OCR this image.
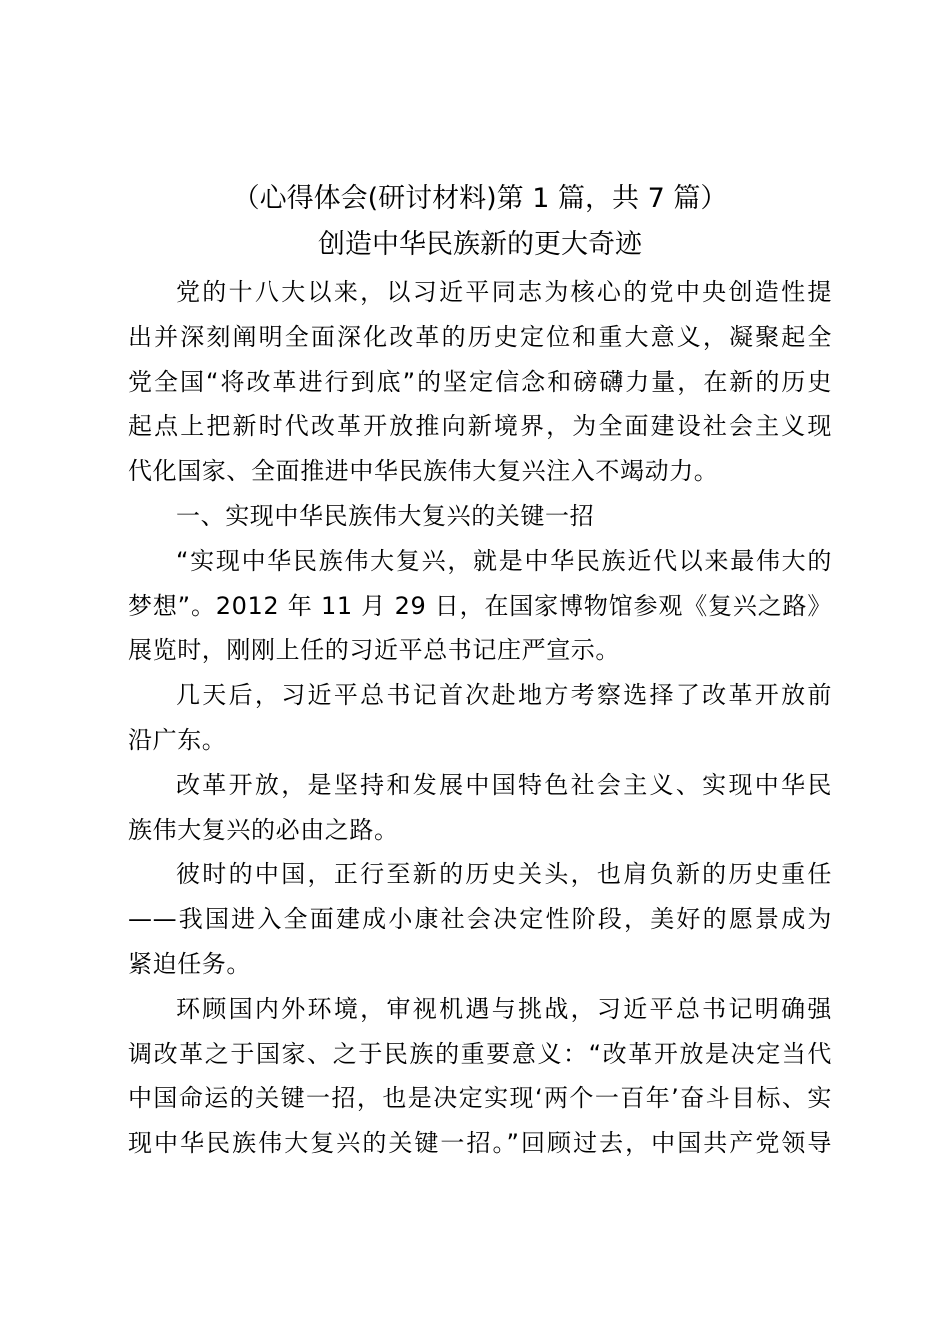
（心得体会(研讨材料)第 1 篇，共 7 篇）
创造中华民族新的更大奇迹

党的十八大以来，以习近平同志为核心的党中央创造性提
出并深刻阐明全面深化改革的历史定位和重大意义，凝聚起全
党全国“将改革进行到底”的坚定信念和磅礴力量，在新的历史
起点上把新时代改革开放推向新境界，为全面建设社会主义现
代化国家、全面推进中华民族伟大复兴注入不竭动力。

一、实现中华民族伟大复兴的关键一招

“实现中华民族伟大复兴，就是中华民族近代以来最伟大的
梦想”。2012 年 11 月 29 日，在国家博物馆参观《复兴之路》
展览时，刚刚上任的习近平总书记庄严宣示。

几天后，习近平总书记首次赴地方考察选择了改革开放前
沿广东。

改革开放，是坚持和发展中国特色社会主义、实现中华民
族伟大复兴的必由之路。

彼时的中国，正行至新的历史关头，也肩负新的历史重任
——我国进入全面建成小康社会决定性阶段，美好的愿景成为
紧迫任务。

环顾国内外环境，审视机遇与挑战，习近平总书记明确强
调改革之于国家、之于民族的重要意义：“改革开放是决定当代
中国命运的关键一招，也是决定实现‘两个一百年’奋斗目标、实
现中华民族伟大复兴的关键一招。”回顾过去，中国共产党领导
